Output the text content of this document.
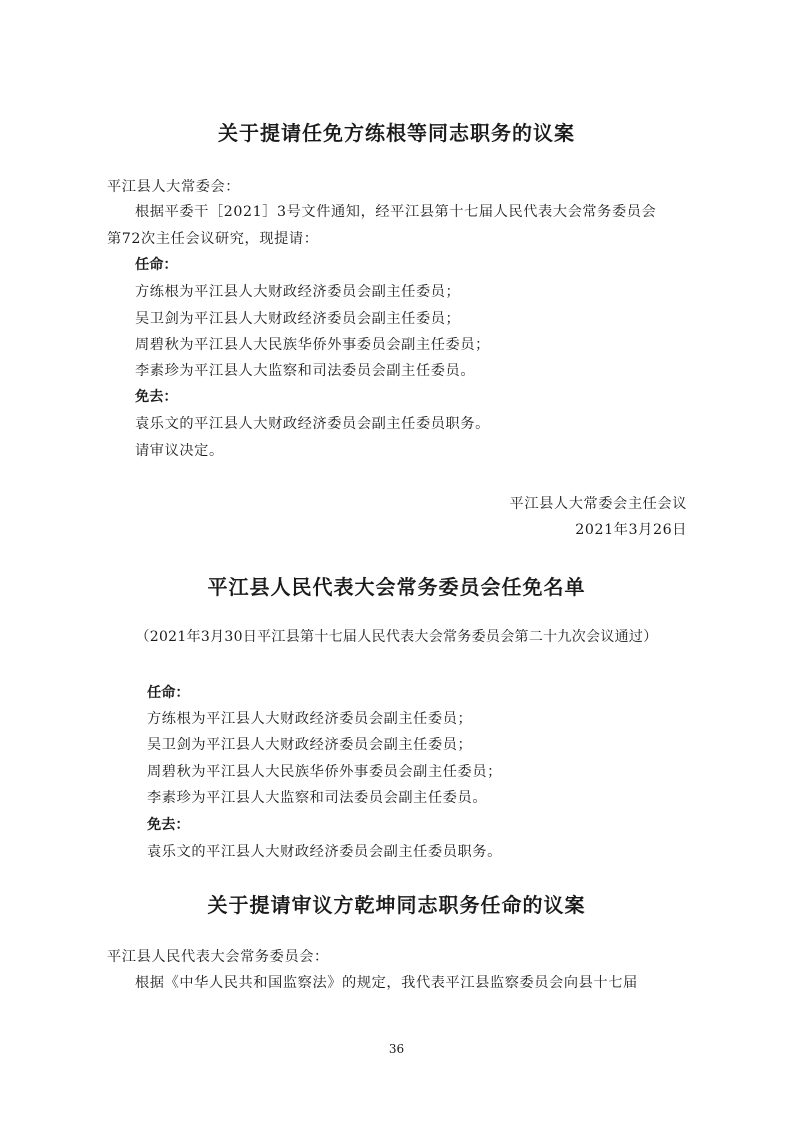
关于提请任免方练根等同志职务的议案
平江县人大常委会：
根据平委干［2021］3号文件通知，经平江县第十七届人民代表大会常务委员会
第72次主任会议研究，现提请：
任命：
方练根为平江县人大财政经济委员会副主任委员；
吴卫剑为平江县人大财政经济委员会副主任委员；
周碧秋为平江县人大民族华侨外事委员会副主任委员；
李素珍为平江县人大监察和司法委员会副主任委员。
免去：
袁乐文的平江县人大财政经济委员会副主任委员职务。
请审议决定。
平江县人大常委会主任会议
2021年3月26日
平江县人民代表大会常务委员会任免名单
（2021年3月30日平江县第十七届人民代表大会常务委员会第二十九次会议通过）
任命：
方练根为平江县人大财政经济委员会副主任委员；
吴卫剑为平江县人大财政经济委员会副主任委员；
周碧秋为平江县人大民族华侨外事委员会副主任委员；
李素珍为平江县人大监察和司法委员会副主任委员。
免去：
袁乐文的平江县人大财政经济委员会副主任委员职务。
关于提请审议方乾坤同志职务任命的议案
平江县人民代表大会常务委员会：
根据《中华人民共和国监察法》的规定，我代表平江县监察委员会向县十七届
36
